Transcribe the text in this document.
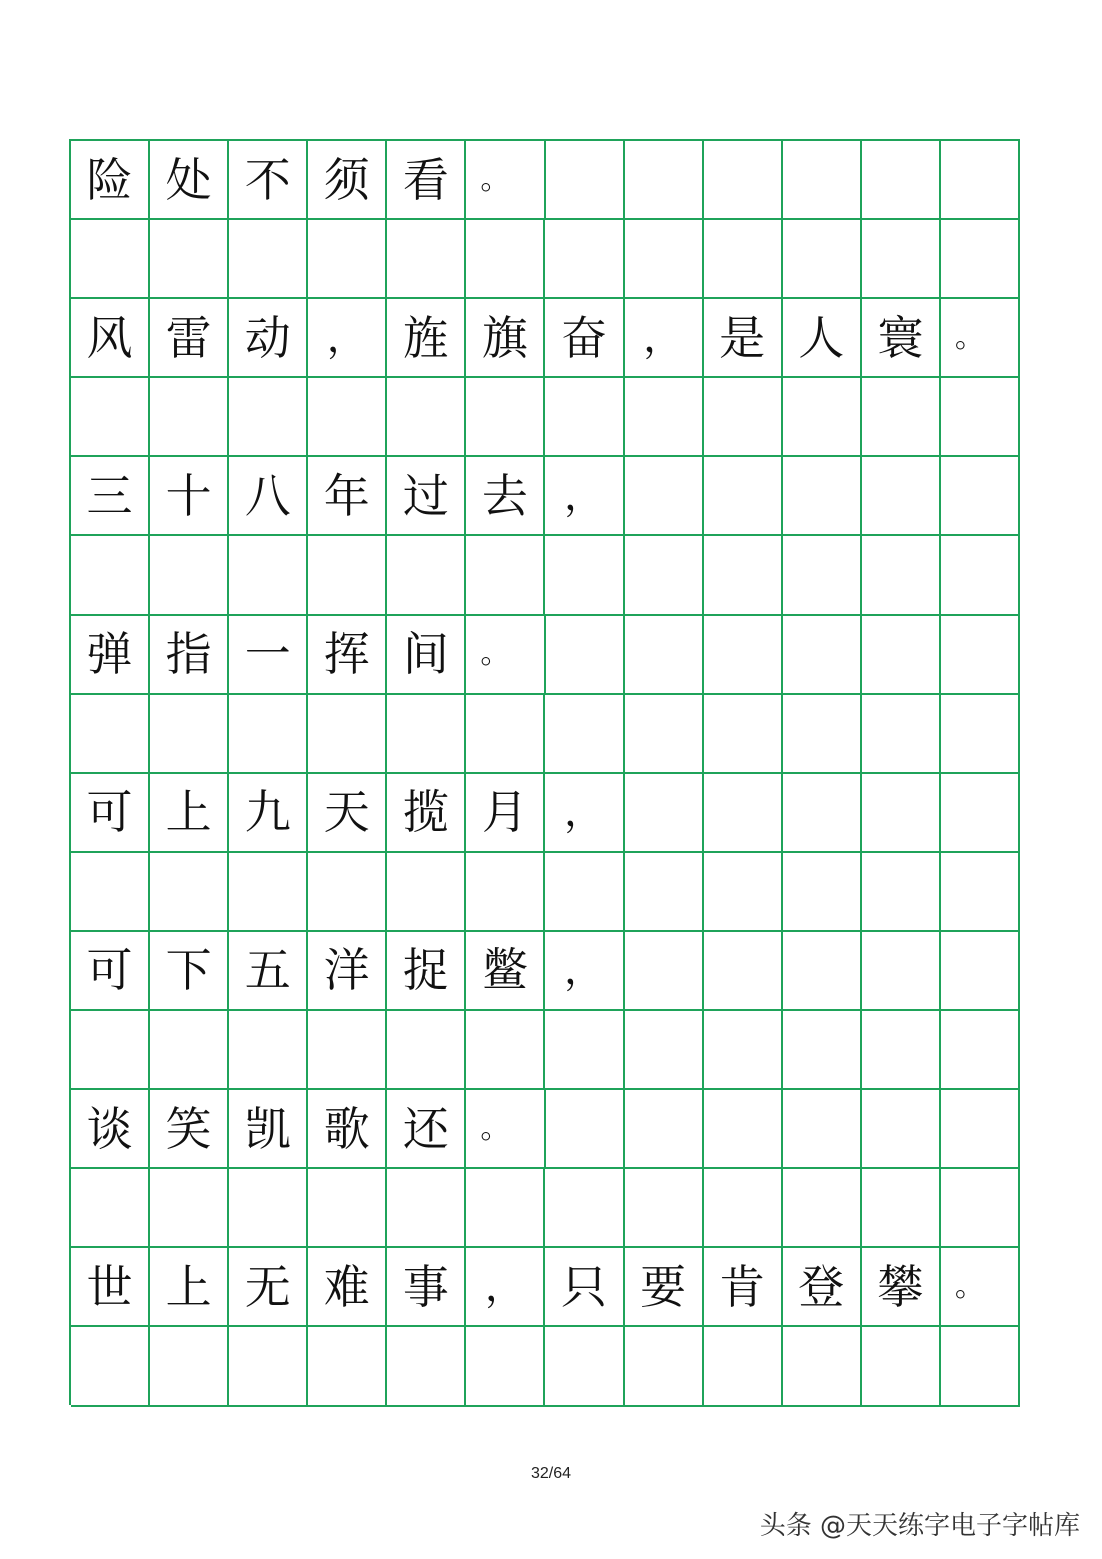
险 处 不 须 看	。
风 雷 动 ， 旌 旗 奋 ， 是 人 寰	。
三 十 八 年 过 去 ，
弹 指 一 挥 间	。
可 上 九 天 揽 月 ，
可 下 五 洋 捉 鳖 ，
谈 笑 凯 歌 还	。
世 上 无 难 事 ， 只 要 肯 登 攀	。
32/64
头条 @天天练字电子字帖库
